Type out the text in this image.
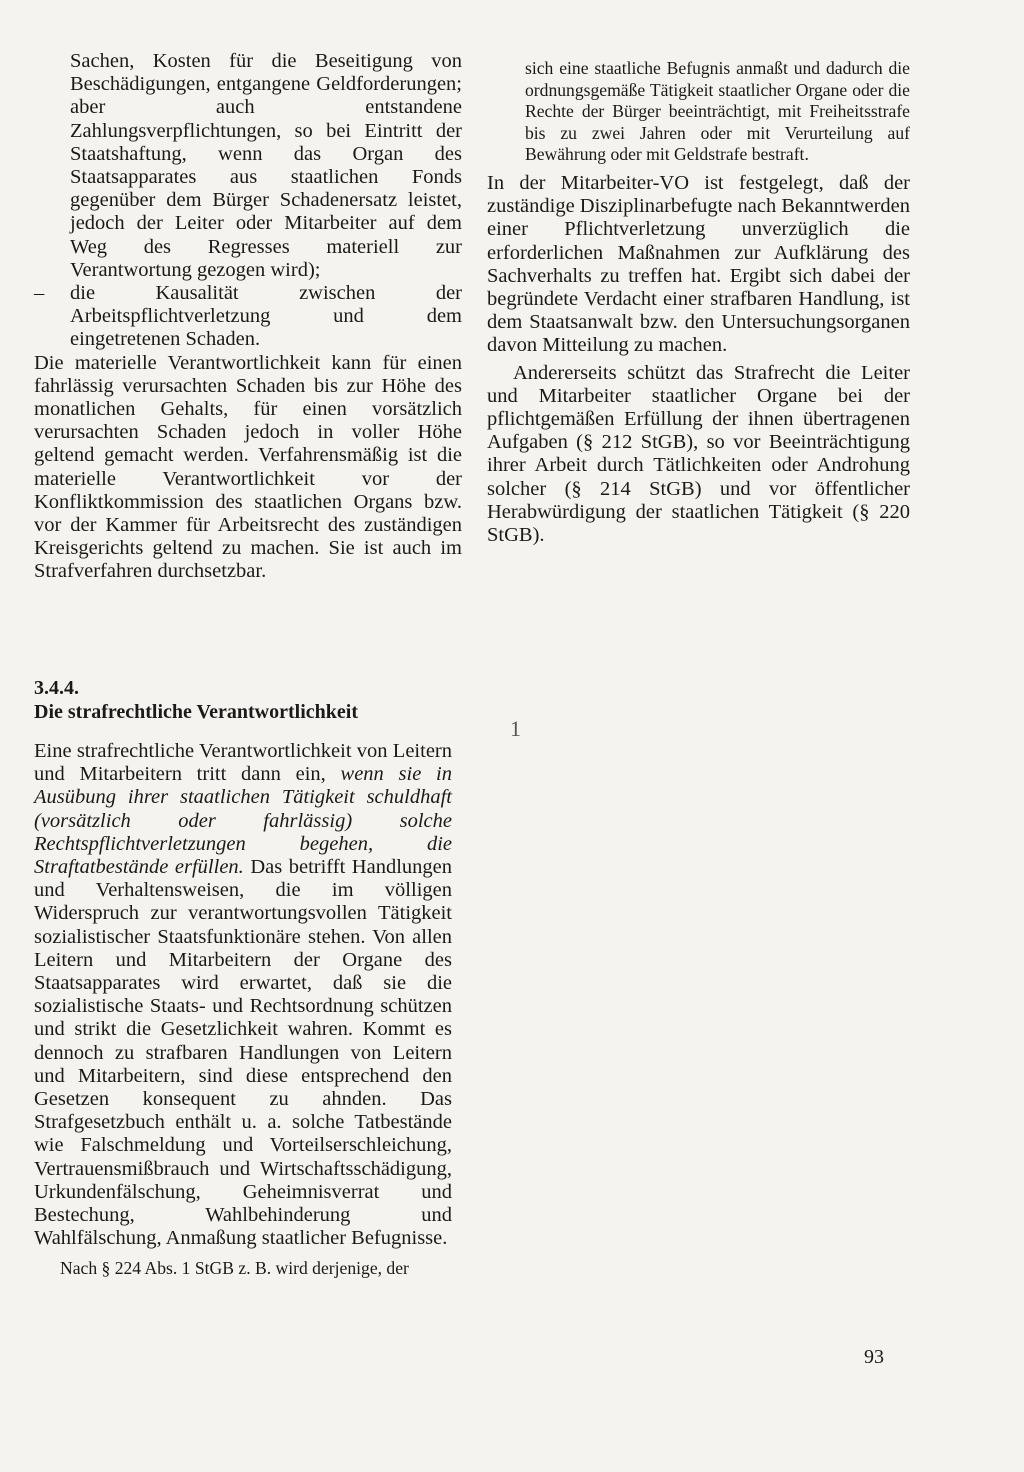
Sachen, Kosten für die Beseitigung von Beschädigungen, entgangene Geldforderungen; aber auch entstandene Zahlungsverpflichtungen, so bei Eintritt der Staatshaftung, wenn das Organ des Staatsapparates aus staatlichen Fonds gegenüber dem Bürger Schadenersatz leistet, jedoch der Leiter oder Mitarbeiter auf dem Weg des Regresses materiell zur Verantwortung gezogen wird);

– die Kausalität zwischen der Arbeitspflichtverletzung und dem eingetretenen Schaden.

Die materielle Verantwortlichkeit kann für einen fahrlässig verursachten Schaden bis zur Höhe des monatlichen Gehalts, für einen vorsätzlich verursachten Schaden jedoch in voller Höhe geltend gemacht werden. Verfahrensmäßig ist die materielle Verantwortlichkeit vor der Konfliktkommission des staatlichen Organs bzw. vor der Kammer für Arbeitsrecht des zuständigen Kreisgerichts geltend zu machen. Sie ist auch im Strafverfahren durchsetzbar.

sich eine staatliche Befugnis anmaßt und dadurch die ordnungsgemäße Tätigkeit staatlicher Organe oder die Rechte der Bürger beeinträchtigt, mit Freiheitsstrafe bis zu zwei Jahren oder mit Verurteilung auf Bewährung oder mit Geldstrafe bestraft.

In der Mitarbeiter-VO ist festgelegt, daß der zuständige Disziplinarbefugte nach Bekanntwerden einer Pflichtverletzung unverzüglich die erforderlichen Maßnahmen zur Aufklärung des Sachverhalts zu treffen hat. Ergibt sich dabei der begründete Verdacht einer strafbaren Handlung, ist dem Staatsanwalt bzw. den Untersuchungsorganen davon Mitteilung zu machen.

Andererseits schützt das Strafrecht die Leiter und Mitarbeiter staatlicher Organe bei der pflichtgemäßen Erfüllung der ihnen übertragenen Aufgaben (§ 212 StGB), so vor Beeinträchtigung ihrer Arbeit durch Tätlichkeiten oder Androhung solcher (§ 214 StGB) und vor öffentlicher Herabwürdigung der staatlichen Tätigkeit (§ 220 StGB).

3.4.4.
Die strafrechtliche Verantwortlichkeit

Eine strafrechtliche Verantwortlichkeit von Leitern und Mitarbeitern tritt dann ein, wenn sie in Ausübung ihrer staatlichen Tätigkeit schuldhaft (vorsätzlich oder fahrlässig) solche Rechtspflichtverletzungen begehen, die Straftatbestände erfüllen. Das betrifft Handlungen und Verhaltensweisen, die im völligen Widerspruch zur verantwortungsvollen Tätigkeit sozialistischer Staatsfunktionäre stehen. Von allen Leitern und Mitarbeitern der Organe des Staatsapparates wird erwartet, daß sie die sozialistische Staats- und Rechtsordnung schützen und strikt die Gesetzlichkeit wahren. Kommt es dennoch zu strafbaren Handlungen von Leitern und Mitarbeitern, sind diese entsprechend den Gesetzen konsequent zu ahnden. Das Strafgesetzbuch enthält u. a. solche Tatbestände wie Falschmeldung und Vorteilserschleichung, Vertrauensmißbrauch und Wirtschaftsschädigung, Urkundenfälschung, Geheimnisverrat und Bestechung, Wahlbehinderung und Wahlfälschung, Anmaßung staatlicher Befugnisse.

Nach § 224 Abs. 1 StGB z. B. wird derjenige, der

1
93
